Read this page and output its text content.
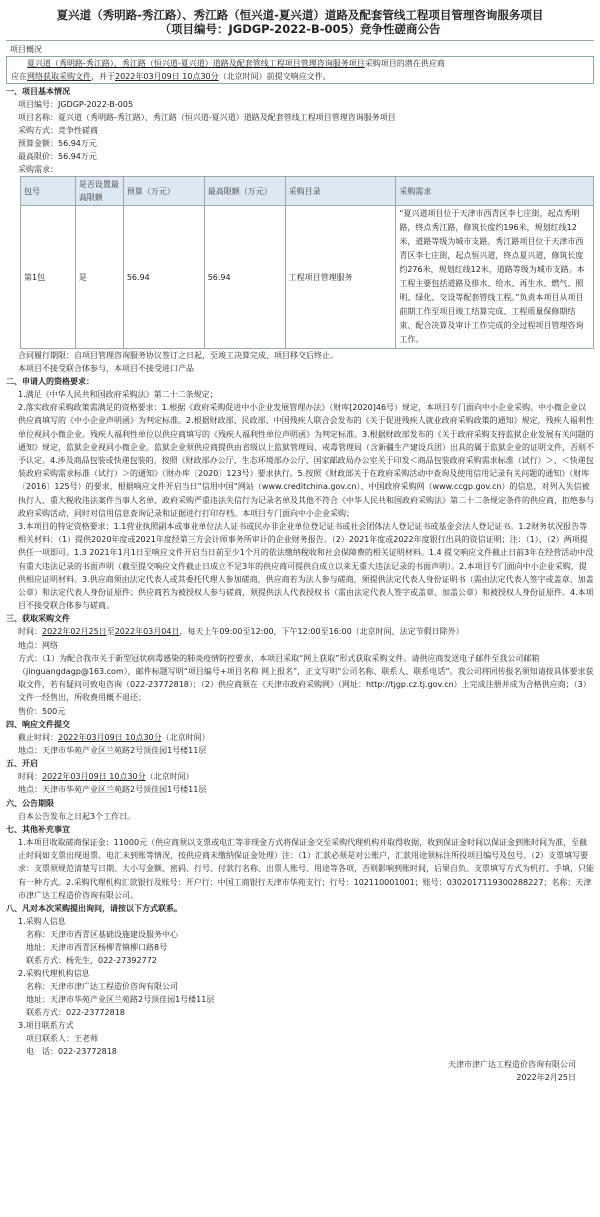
夏兴道（秀明路-秀江路）、秀江路（恒兴道-夏兴道）道路及配套管线工程项目管理咨询服务项目
（项目编号：JGDGP-2022-B-005）竞争性磋商公告
项目概况
夏兴道（秀明路-秀江路）、秀江路（恒兴道-夏兴道）道路及配套管线工程项目管理咨询服务项目采购项目的潜在供应商
应在网络获取采购文件，并于2022年03月09日 10点30分（北京时间）前提交响应文件。
一、项目基本情况
项目编号：JGDGP-2022-B-005
项目名称：夏兴道（秀明路-秀江路）、秀江路（恒兴道-夏兴道）道路及配套管线工程项目管理咨询服务项目
采购方式：竞争性磋商
预算金额：56.94万元
最高限价：56.94万元
采购需求：
包号	是否设置最高限额	预算（万元）	最高限额（万元）	采购目录	采购需求
第1包	是	56.94	56.94	工程项目管理服务	“夏兴道项目位于天津市西青区李七庄街，起点秀明路，终点秀江路，修筑长度约196米，规划红线12米，道路等级为城市支路。秀江路项目位于天津市西青区李七庄街，起点恒兴道，终点夏兴道，修筑长度约276米，规划红线12米，道路等级为城市支路。本工程主要包括道路及排水、给水、再生水、燃气、照明、绿化、交设等配套管线工程。”负责本项目从项目前期工作至项目竣工结算完成、工程质量保修期结束、配合决算及审计工作完成的全过程项目管理咨询工作。
合同履行期限：自项目管理咨询服务协议签订之日起，至竣工决算完成、项目移交后终止。
本项目不接受联合体参与，本项目不接受进口产品
二、申请人的资格要求：
1.满足《中华人民共和国政府采购法》第二十二条规定；
2.落实政府采购政策需满足的资格要求：1.根据《政府采购促进中小企业发展管理办法》（财库[2020]46号）规定，本项目专门面向中小企业采购。中小微企业以供应商填写的《中小企业声明函》为判定标准。2.根据财政部、民政部、中国残疾人联合会发布的《关于促进残疾人就业政府采购政策的通知》规定，残疾人福利性单位视同小微企业。残疾人福利性单位以供应商填写的《残疾人福利性单位声明函》为判定标准。3.根据财政部发布的《关于政府采购支持监狱企业发展有关问题的通知》规定，监狱企业视同小微企业。监狱企业须供应商提供由省级以上监狱管理局、戒毒管理局（含新疆生产建设兵团）出具的属于监狱企业的证明文件，否则不予认定。4.涉及商品包装或快递包装的，按照《财政部办公厅、生态环境部办公厅、国家邮政局办公室关于印发＜商品包装政府采购需求标准（试行）＞、＜快递包装政府采购需求标准（试行）＞的通知》（财办库〔2020〕123号）要求执行。5.按照《财政部关于在政府采购活动中查询及使用信用记录有关问题的通知》（财库〔2016〕125号）的要求，根据响应文件开启当日“信用中国”网站（www.creditchina.gov.cn）、中国政府采购网（www.ccgp.gov.cn）的信息，对列入失信被执行人、重大税收违法案件当事人名单、政府采购严重违法失信行为记录名单及其他不符合《中华人民共和国政府采购法》第二十二条规定条件的供应商，拒绝参与政府采购活动，同时对信用信息查询记录和证据进行打印存档。本项目专门面向中小企业采购；
3.本项目的特定资格要求：1.1营业执照副本或事业单位法人证书或民办非企业单位登记证书或社会团体法人登记证书或基金会法人登记证书。1.2财务状况报告等相关材料：（1）提供2020年度或2021年度经第三方会计师事务所审计的企业财务报告。（2）2021年度或2022年度银行出具的资信证明；注：（1）、（2）两项提供任一项即可。1.3 2021年1月1日至响应文件开启当日前至少1个月的依法缴纳税收和社会保障费的相关证明材料。1.4 提交响应文件截止日前3年在经营活动中没有重大违法记录的书面声明（截至提交响应文件截止日成立不足3年的供应商可提供自成立以来无重大违法记录的书面声明）。2.本项目专门面向中小企业采购，提供相应证明材料。3.供应商须由法定代表人或其委托代理人参加磋商，供应商若为法人参与磋商，须提供法定代表人身份证明书（需由法定代表人签字或盖章、加盖公章）和法定代表人身份证原件；供应商若为被授权人参与磋商，须提供法人代表授权书（需由法定代表人签字或盖章、加盖公章）和被授权人身份证原件。4.本项目不接受联合体参与磋商。
三、获取采购文件
时间：2022年02月25日至2022年03月04日，每天上午09:00至12:00，下午12:00至16:00（北京时间，法定节假日除外）
地点：网络
方式：（1）为配合我市关于新型冠状病毒感染的肺炎疫情防控要求，本项目采取“网上获取”形式获取采购文件。请供应商发送电子邮件至我公司邮箱（jinguangdagp@163.com），邮件标题写明“项目编号+项目名称 网上报名”，正文写明“公司名称、联系人、联系电话”。我公司将回传报名须知请按具体要求获取文件，若有疑问可致电咨询（022-23772818）；（2）供应商须在《天津市政府采购网》（网址：http://tjgp.cz.tj.gov.cn）上完成注册并成为合格供应商；（3）文件一经售出，所收费用概不退还；
售价：500元
四、响应文件提交
截止时间：2022年03月09日 10点30分（北京时间）
地点：天津市华苑产业区兰苑路2号顶佳园1号楼11层
五、开启
时间：2022年03月09日 10点30分（北京时间）
地点：天津市华苑产业区兰苑路2号顶佳园1号楼11层
六、公告期限
自本公告发布之日起3个工作日。
七、其他补充事宜
1.本项目收取磋商保证金：11000元（供应商须以支票或电汇等非现金方式将保证金交至采购代理机构并取得收据，收到保证金时间以保证金到账时间为准，至截止时间如支票出现退票、电汇未到账等情况，按供应商未缴纳保证金处理）注：（1）汇款必须是对公账户，汇款用途须标注所投项目编号及包号。（2）支票填写要求：支票须规范清楚写日期、大小写金额、密码、行号、付款行名称、出票人账号、用途等各项，否则影响到账时间，后果自负。支票填写方式为机打、手填，只能有一种方式。2.采购代理机构汇款银行及账号：开户行：中国工商银行天津市华苑支行；行号：102110001001；账号：0302017119300288227；名称：天津市津广达工程造价咨询有限公司。
八、凡对本次采购提出询问，请按以下方式联系。
1.采购人信息
名称：天津市西青区基础设施建设服务中心
地址：天津市西青区杨柳青镇柳口路8号
联系方式：杨先生，022-27392772
2.采购代理机构信息
名称：天津市津广达工程造价咨询有限公司
地址：天津市华苑产业区兰苑路2号顶佳园1号楼11层
联系方式：022-23772818
3.项目联系方式
项目联系人：王老师
电　话：022-23772818
天津市津广达工程造价咨询有限公司
2022年2月25日
